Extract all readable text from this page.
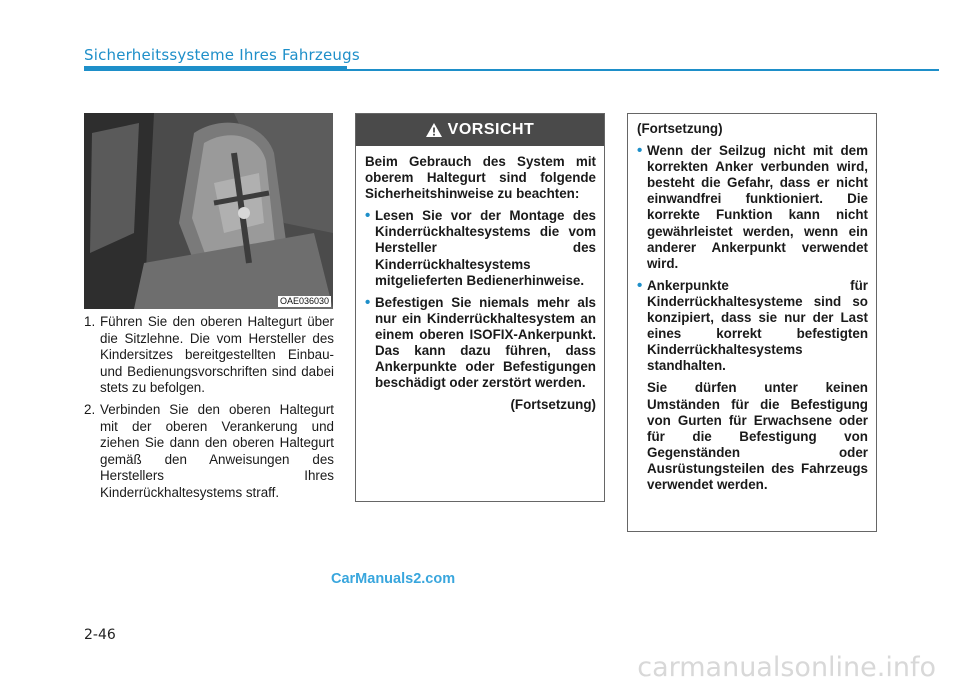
Sicherheitssysteme Ihres Fahrzeugs
OAE036030
1. Führen Sie den oberen Haltegurt über die Sitzlehne. Die vom Hersteller des Kindersitzes bereitgestellten Einbau- und Bedienungsvorschriften sind dabei stets zu befolgen.
2. Verbinden Sie den oberen Haltegurt mit der oberen Verankerung und ziehen Sie dann den oberen Haltegurt gemäß den Anweisungen des Herstellers Ihres Kinderrückhaltesystems straff.
VORSICHT
Beim Gebrauch des System mit oberem Haltegurt sind folgende Sicherheitshinweise zu beachten:
• Lesen Sie vor der Montage des Kinderrückhaltesystems die vom Hersteller des Kinderrückhaltesystems mitgelieferten Bedienerhinweise.
• Befestigen Sie niemals mehr als nur ein Kinderrückhaltesystem an einem oberen ISOFIX-Ankerpunkt. Das kann dazu führen, dass Ankerpunkte oder Befestigungen beschädigt oder zerstört werden.
(Fortsetzung)
(Fortsetzung)
• Wenn der Seilzug nicht mit dem korrekten Anker verbunden wird, besteht die Gefahr, dass er nicht einwandfrei funktioniert. Die korrekte Funktion kann nicht gewährleistet werden, wenn ein anderer Ankerpunkt verwendet wird.
• Ankerpunkte für Kinderrückhaltesysteme sind so konzipiert, dass sie nur der Last eines korrekt befestigten Kinderrückhaltesystems standhalten.
Sie dürfen unter keinen Umständen für die Befestigung von Gurten für Erwachsene oder für die Befestigung von Gegenständen oder Ausrüstungsteilen des Fahrzeugs verwendet werden.
CarManuals2.com
2-46
carmanualsonline.info
